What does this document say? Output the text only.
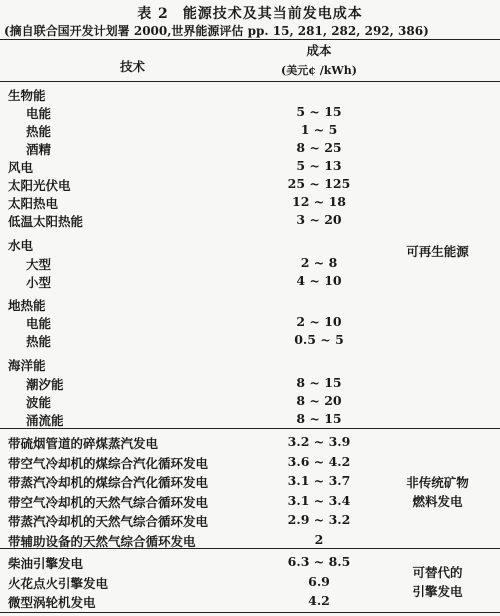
表 2 能源技术及其当前发电成本
(摘自联合国开发计划署 2000,世界能源评估 pp. 15, 281, 282, 292, 386)
技术
成本
(美元¢ /kWh)
生物能
电能	5 ~ 15
热能	1 ~ 5
酒精	8 ~ 25
风电	5 ~ 13
太阳光伏电	25 ~ 125
太阳热电	12 ~ 18
低温太阳热能	3 ~ 20
水电
大型	2 ~ 8
小型	4 ~ 10
地热能
电能	2 ~ 10
热能	0.5 ~ 5
海洋能
潮汐能	8 ~ 15
波能	8 ~ 20
涌流能	8 ~ 15
可再生能源
带硫烟管道的碎煤蒸汽发电	3.2 ~ 3.9
带空气冷却机的煤综合汽化循环发电	3.6 ~ 4.2
带蒸汽冷却机的煤综合汽化循环发电	3.1 ~ 3.7
带空气冷却机的天然气综合循环发电	3.1 ~ 3.4
带蒸汽冷却机的天然气综合循环发电	2.9 ~ 3.2
带辅助设备的天然气综合循环发电	2
非传统矿物
燃料发电
柴油引擎发电	6.3 ~ 8.5
火花点火引擎发电	6.9
微型涡轮机发电	4.2
可替代的
引擎发电
